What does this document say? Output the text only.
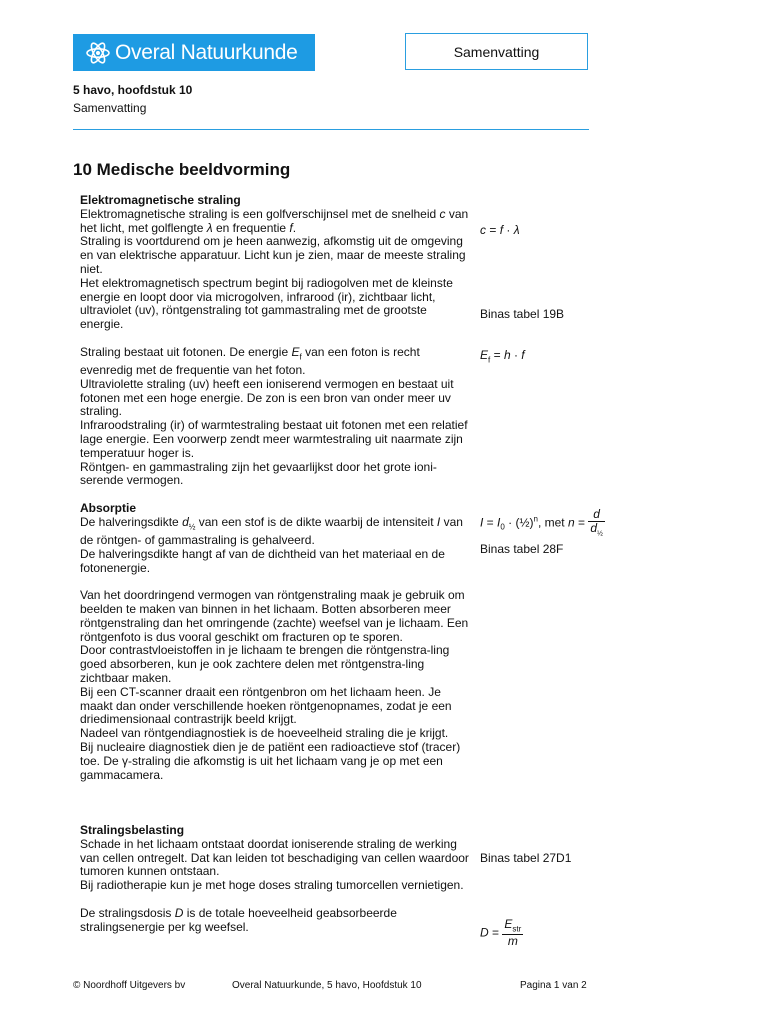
Overal Natuurkunde	Samenvatting
5 havo, hoofdstuk 10
Samenvatting
10 Medische beeldvorming

Elektromagnetische straling

Elektromagnetische straling is een golfverschijnsel met de snelheid c van het licht, met golflengte λ en frequentie f.

Straling is voortdurend om je heen aanwezig, afkomstig uit de omgeving en van elektrische apparatuur. Licht kun je zien, maar de meeste straling niet.

Het elektromagnetisch spectrum begint bij radiogolven met de kleinste energie en loopt door via microgolven, infrarood (ir), zichtbaar licht, ultraviolet (uv), röntgenstraling tot gammastraling met de grootste energie.

Straling bestaat uit fotonen. De energie $E_f$ van een foton is recht evenredig met de frequentie van het foton.

Ultraviolette straling (uv) heeft een ioniserend vermogen en bestaat uit fotonen met een hoge energie. De zon is een bron van onder meer uv straling.

Infraroodstraling (ir) of warmtestraling bestaat uit fotonen met een relatief lage energie. Een voorwerp zendt meer warmtestraling uit naarmate zijn temperatuur hoger is.

Röntgen- en gammastraling zijn het gevaarlijkst door het grote ioni-serende vermogen.

Absorptie

De halveringsdikte $d_{\frac{1}{2}}$ van een stof is de dikte waarbij de intensiteit I van de röntgen- of gammastraling is gehalveerd.

De halveringsdikte hangt af van de dichtheid van het materiaal en de fotonenergie.

Van het doordringend vermogen van röntgenstraling maak je gebruik om beelden te maken van binnen in het lichaam. Botten absorberen meer röntgenstraling dan het omringende (zachte) weefsel van je lichaam. Een röntgenfoto is dus vooral geschikt om fracturen op te sporen.

Door contrastvloeistoffen in je lichaam te brengen die röntgenstra-ling goed absorberen, kun je ook zachtere delen met röntgenstra-ling zichtbaar maken.

Bij een CT-scanner draait een röntgenbron om het lichaam heen. Je maakt dan onder verschillende hoeken röntgenopnames, zodat je een driedimensionaal contrastrijk beeld krijgt.

Nadeel van röntgendiagnostiek is de hoeveelheid straling die je krijgt.

Bij nucleaire diagnostiek dien je de patiënt een radioactieve stof (tracer) toe. De γ-straling die afkomstig is uit het lichaam vang je op met een gammacamera.

Stralingsbelasting

Schade in het lichaam ontstaat doordat ioniserende straling de werking van cellen ontregelt. Dat kan leiden tot beschadiging van cellen waardoor tumoren kunnen ontstaan.

Bij radiotherapie kun je met hoge doses straling tumorcellen vernietigen.

De stralingsdosis D is de totale hoeveelheid geabsorbeerde stralingsenergie per kg weefsel.

c = f · λ
Binas tabel 19B
$E_f = h \cdot f$
$I = I_0$ · (½)$^n$, met $n = \frac{d}{d_{\frac{1}{2}}}$
Binas tabel 28F
Binas tabel 27D1
$D = \frac{E_{str}}{m}$
© Noordhoff Uitgevers bv	Overal Natuurkunde, 5 havo, Hoofdstuk 10	Pagina 1 van 2
